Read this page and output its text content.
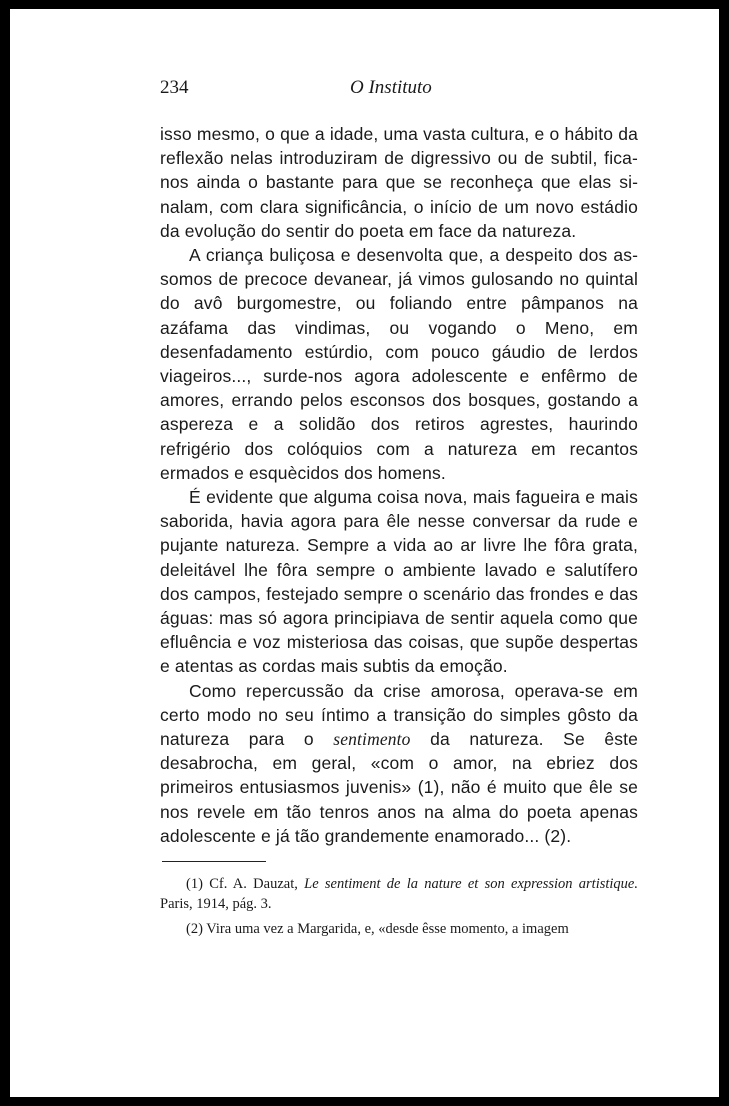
234	O Instituto

isso mesmo, o que a idade, uma vasta cultura, e o hábito da reflexão nelas introduziram de digressivo ou de subtil, fica-nos ainda o bastante para que se reconheça que elas sinalam, com clara significância, o início de um novo estádio da evolução do sentir do poeta em face da natureza.

A criança buliçosa e desenvolta que, a despeito dos assomos de precoce devanear, já vimos gulosando no quintal do avô burgomestre, ou foliando entre pâmpanos na azáfama das vindimas, ou vogando o Meno, em desenfadamento estúrdio, com pouco gáudio de lerdos viageiros..., surde-nos agora adolescente e enfêrmo de amores, errando pelos esconsos dos bosques, gostando a aspereza e a solidão dos retiros agrestes, haurindo refrigério dos colóquios com a natureza em recantos ermados e esquècidos dos homens.

É evidente que alguma coisa nova, mais fagueira e mais saborida, havia agora para êle nesse conversar da rude e pujante natureza. Sempre a vida ao ar livre lhe fôra grata, deleitável lhe fôra sempre o ambiente lavado e salutífero dos campos, festejado sempre o scenário das frondes e das águas: mas só agora principiava de sentir aquela como que efluência e voz misteriosa das coisas, que supõe despertas e atentas as cordas mais subtis da emoção.

Como repercussão da crise amorosa, operava-se em certo modo no seu íntimo a transição do simples gôsto da natureza para o sentimento da natureza. Se êste desabrocha, em geral, «com o amor, na ebriez dos primeiros entusiasmos juvenis» (1), não é muito que êle se nos revele em tão tenros anos na alma do poeta apenas adolescente e já tão grandemente enamorado... (2).

(1) Cf. A. Dauzat, Le sentiment de la nature et son expression artistique. Paris, 1914, pág. 3.

(2) Vira uma vez a Margarida, e, «desde êsse momento, a imagem
